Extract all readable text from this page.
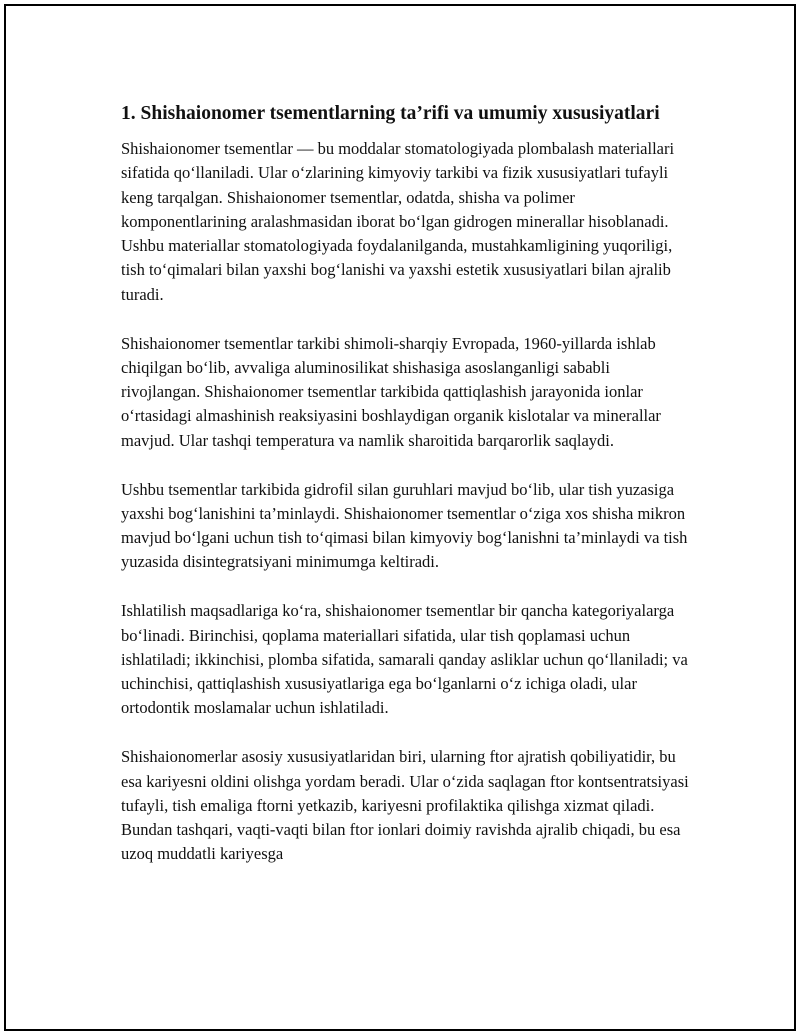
1. Shishaionomer tsementlarning ta’rifi va umumiy xususiyatlari

Shishaionomer tsementlar — bu moddalar stomatologiyada plombalash materiallari sifatida qo‘llaniladi. Ular o‘zlarining kimyoviy tarkibi va fizik xususiyatlari tufayli keng tarqalgan. Shishaionomer tsementlar, odatda, shisha va polimer komponentlarining aralashmasidan iborat bo‘lgan gidrogen minerallar hisoblanadi. Ushbu materiallar stomatologiyada foydalanilganda, mustahkamligining yuqoriligi, tish to‘qimalari bilan yaxshi bog‘lanishi va yaxshi estetik xususiyatlari bilan ajralib turadi.

Shishaionomer tsementlar tarkibi shimoli-sharqiy Evropada, 1960-yillarda ishlab chiqilgan bo‘lib, avvaliga aluminosilikat shishasiga asoslanganligi sababli rivojlangan. Shishaionomer tsementlar tarkibida qattiqlashish jarayonida ionlar o‘rtasidagi almashinish reaksiyasini boshlaydigan organik kislotalar va minerallar mavjud. Ular tashqi temperatura va namlik sharoitida barqarorlik saqlaydi.

Ushbu tsementlar tarkibida gidrofil silan guruhlari mavjud bo‘lib, ular tish yuzasiga yaxshi bog‘lanishini ta’minlaydi. Shishaionomer tsementlar o‘ziga xos shisha mikron mavjud bo‘lgani uchun tish to‘qimasi bilan kimyoviy bog‘lanishni ta’minlaydi va tish yuzasida disintegratsiyani minimumga keltiradi.

Ishlatilish maqsadlariga ko‘ra, shishaionomer tsementlar bir qancha kategoriyalarga bo‘linadi. Birinchisi, qoplama materiallari sifatida, ular tish qoplamasi uchun ishlatiladi; ikkinchisi, plomba sifatida, samarali qanday asliklar uchun qo‘llaniladi; va uchinchisi, qattiqlashish xususiyatlariga ega bo‘lganlarni o‘z ichiga oladi, ular ortodontik moslamalar uchun ishlatiladi.

Shishaionomerlar asosiy xususiyatlaridan biri, ularning ftor ajratish qobiliyatidir, bu esa kariyesni oldini olishga yordam beradi. Ular o‘zida saqlagan ftor kontsentratsiyasi tufayli, tish emaliga ftorni yetkazib, kariyesni profilaktika qilishga xizmat qiladi. Bundan tashqari, vaqti-vaqti bilan ftor ionlari doimiy ravishda ajralib chiqadi, bu esa uzoq muddatli kariyesga
